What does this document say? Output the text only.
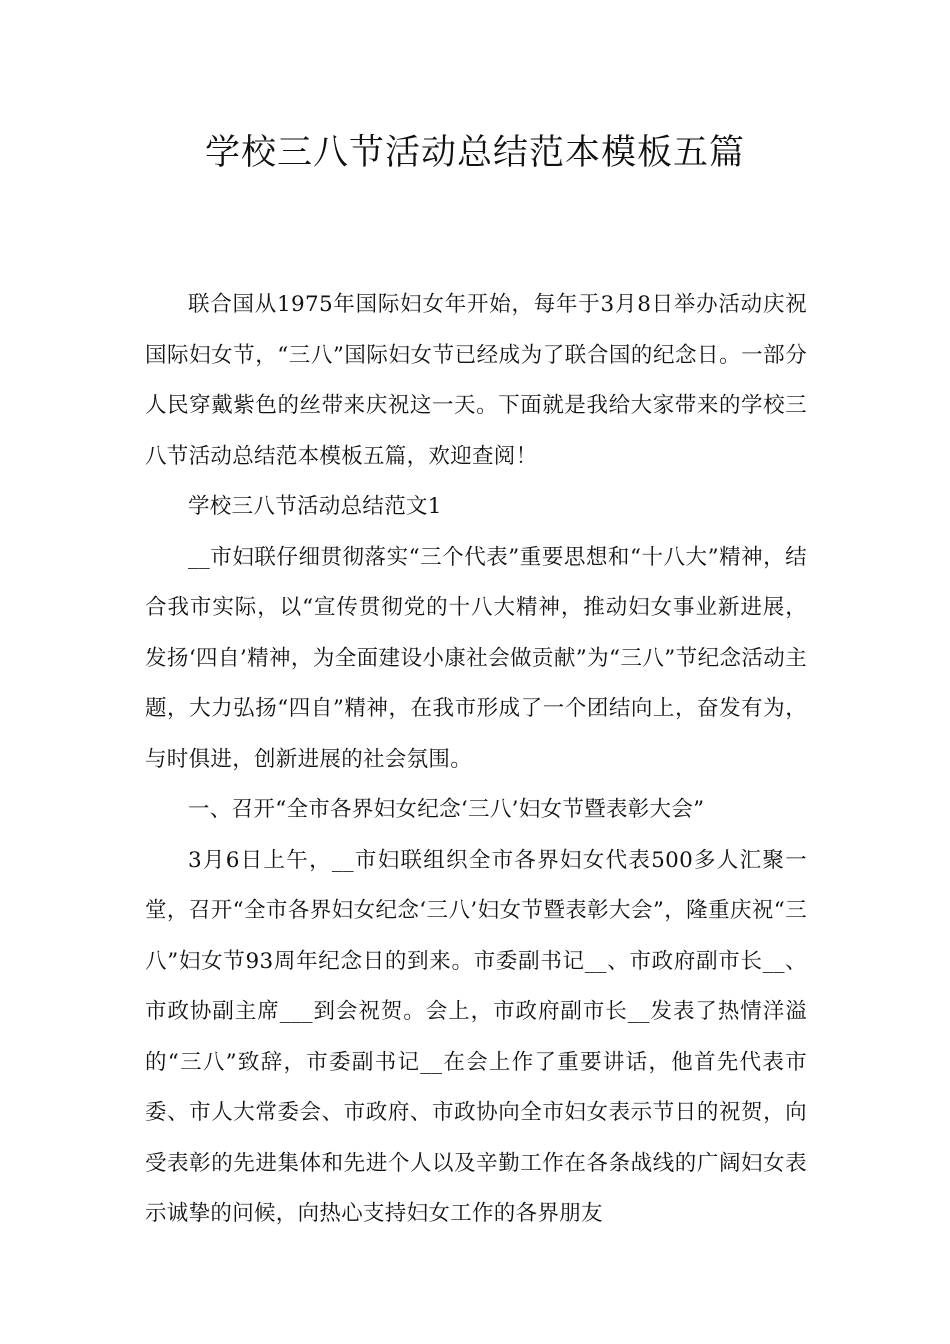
学校三八节活动总结范本模板五篇

联合国从1975年国际妇女年开始，每年于3月8日举办活动庆祝国际妇女节，“三八”国际妇女节已经成为了联合国的纪念日。一部分人民穿戴紫色的丝带来庆祝这一天。下面就是我给大家带来的学校三八节活动总结范本模板五篇，欢迎查阅！

学校三八节活动总结范文1

__市妇联仔细贯彻落实“三个代表”重要思想和“十八大”精神，结合我市实际，以“宣传贯彻党的十八大精神，推动妇女事业新进展，发扬‘四自’精神，为全面建设小康社会做贡献”为“三八”节纪念活动主题，大力弘扬“四自”精神，在我市形成了一个团结向上，奋发有为，与时俱进，创新进展的社会氛围。

一、召开“全市各界妇女纪念‘三八’妇女节暨表彰大会”

3月6日上午，__市妇联组织全市各界妇女代表500多人汇聚一堂，召开“全市各界妇女纪念‘三八’妇女节暨表彰大会”，隆重庆祝“三八”妇女节93周年纪念日的到来。市委副书记__、市政府副市长__、市政协副主席___到会祝贺。会上，市政府副市长__发表了热情洋溢的“三八”致辞，市委副书记__在会上作了重要讲话，他首先代表市委、市人大常委会、市政府、市政协向全市妇女表示节日的祝贺，向受表彰的先进集体和先进个人以及辛勤工作在各条战线的广阔妇女表示诚挚的问候，向热心支持妇女工作的各界朋友
